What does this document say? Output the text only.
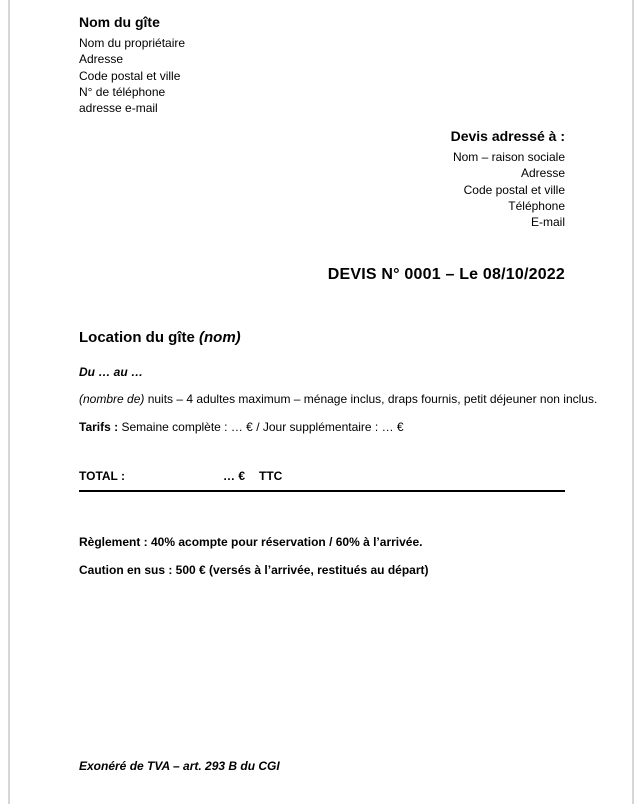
Nom du gîte
Nom du propriétaire
Adresse
Code postal et ville
N° de téléphone
adresse e-mail
Devis adressé à :
Nom – raison sociale
Adresse
Code postal et ville
Téléphone
E-mail
DEVIS N° 0001 – Le 08/10/2022
Location du gîte (nom)
Du … au …
(nombre de) nuits – 4 adultes maximum – ménage inclus, draps fournis, petit déjeuner non inclus.
Tarifs : Semaine complète : … € / Jour supplémentaire : … €
TOTAL :	… € TTC
Règlement : 40% acompte pour réservation / 60% à l’arrivée.
Caution en sus : 500 € (versés à l’arrivée, restitués au départ)
Exonéré de TVA – art. 293 B du CGI
